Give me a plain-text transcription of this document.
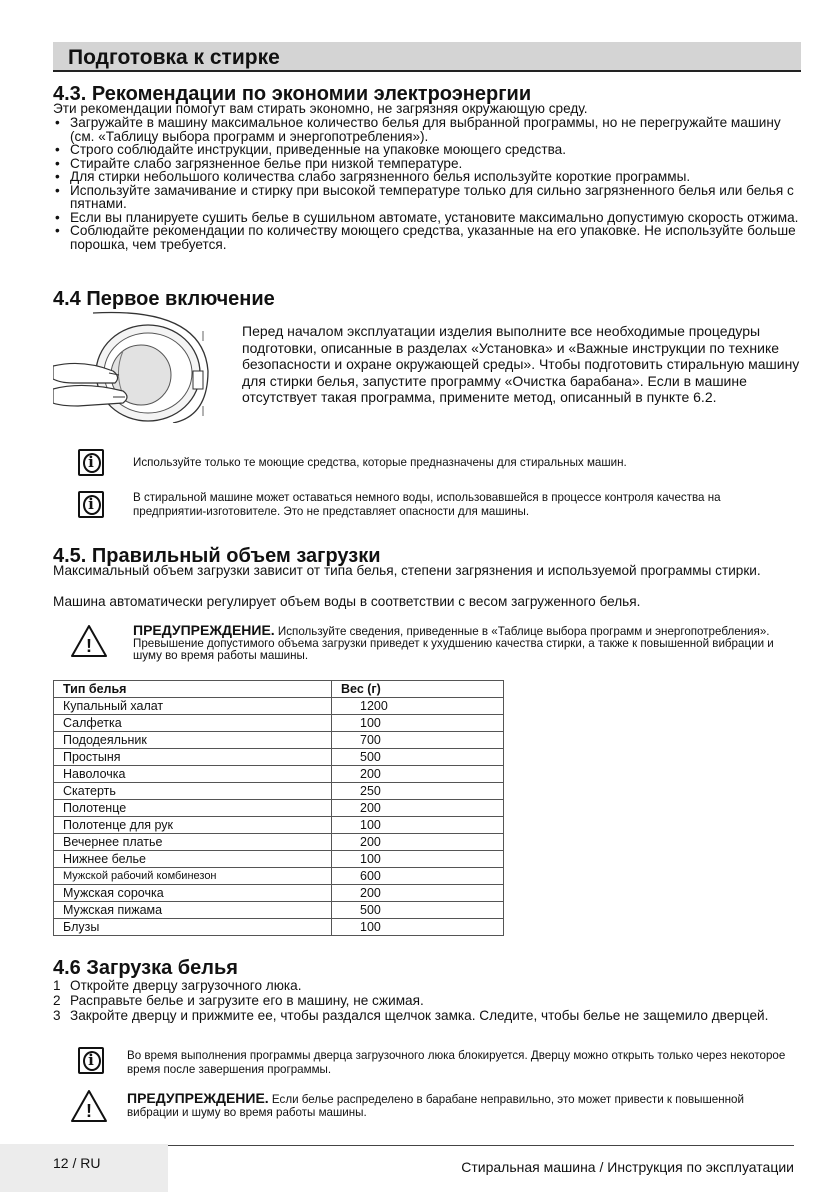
Подготовка к стирке
4.3. Рекомендации по экономии электроэнергии
Эти рекомендации помогут вам стирать экономно, не загрязняя окружающую среду.
• Загружайте в машину максимальное количество белья для выбранной программы, но не перегружайте машину (см. «Таблицу выбора программ и энергопотребления»).
• Строго соблюдайте инструкции, приведенные на упаковке моющего средства.
• Стирайте слабо загрязненное белье при низкой температуре.
• Для стирки небольшого количества слабо загрязненного белья используйте короткие программы.
• Используйте замачивание и стирку при высокой температуре только для сильно загрязненного белья или белья с пятнами.
• Если вы планируете сушить белье в сушильном автомате, установите максимально допустимую скорость отжима.
• Соблюдайте рекомендации по количеству моющего средства, указанные на его упаковке. Не используйте больше порошка, чем требуется.
4.4 Первое включение
Перед началом эксплуатации изделия выполните все необходимые процедуры подготовки, описанные в разделах «Установка» и «Важные инструкции по технике безопасности и охране окружающей среды». Чтобы подготовить стиральную машину для стирки белья, запустите программу «Очистка барабана». Если в машине отсутствует такая программа, примените метод, описанный в пункте 6.2.
i	Используйте только те моющие средства, которые предназначены для стиральных машин.
i	В стиральной машине может оставаться немного воды, использовавшейся в процессе контроля качества на предприятии-изготовителе. Это не представляет опасности для машины.
4.5. Правильный объем загрузки
Максимальный объем загрузки зависит от типа белья, степени загрязнения и используемой программы стирки.
Машина автоматически регулирует объем воды в соответствии с весом загруженного белья.
!
ПРЕДУПРЕЖДЕНИЕ. Используйте сведения, приведенные в «Таблице выбора программ и энергопотребления». Превышение допустимого объема загрузки приведет к ухудшению качества стирки, а также к повышенной вибрации и шуму во время работы машины.
Тип белья	Вес (г)
Купальный халат	1200
Салфетка	100
Пододеяльник	700
Простыня	500
Наволочка	200
Скатерть	250
Полотенце	200
Полотенце для рук	100
Вечернее платье	200
Нижнее белье	100
Мужской рабочий комбинезон	600
Мужская сорочка	200
Мужская пижама	500
Блузы	100
4.6 Загрузка белья
1 Откройте дверцу загрузочного люка.
2 Расправьте белье и загрузите его в машину, не сжимая.
3 Закройте дверцу и прижмите ее, чтобы раздался щелчок замка. Следите, чтобы белье не защемило дверцей.
i	Во время выполнения программы дверца загрузочного люка блокируется. Дверцу можно открыть только через некоторое время после завершения программы.
!
ПРЕДУПРЕЖДЕНИЕ. Если белье распределено в барабане неправильно, это может привести к повышенной вибрации и шуму во время работы машины.
12 / RU	Стиральная машина / Инструкция по эксплуатации
